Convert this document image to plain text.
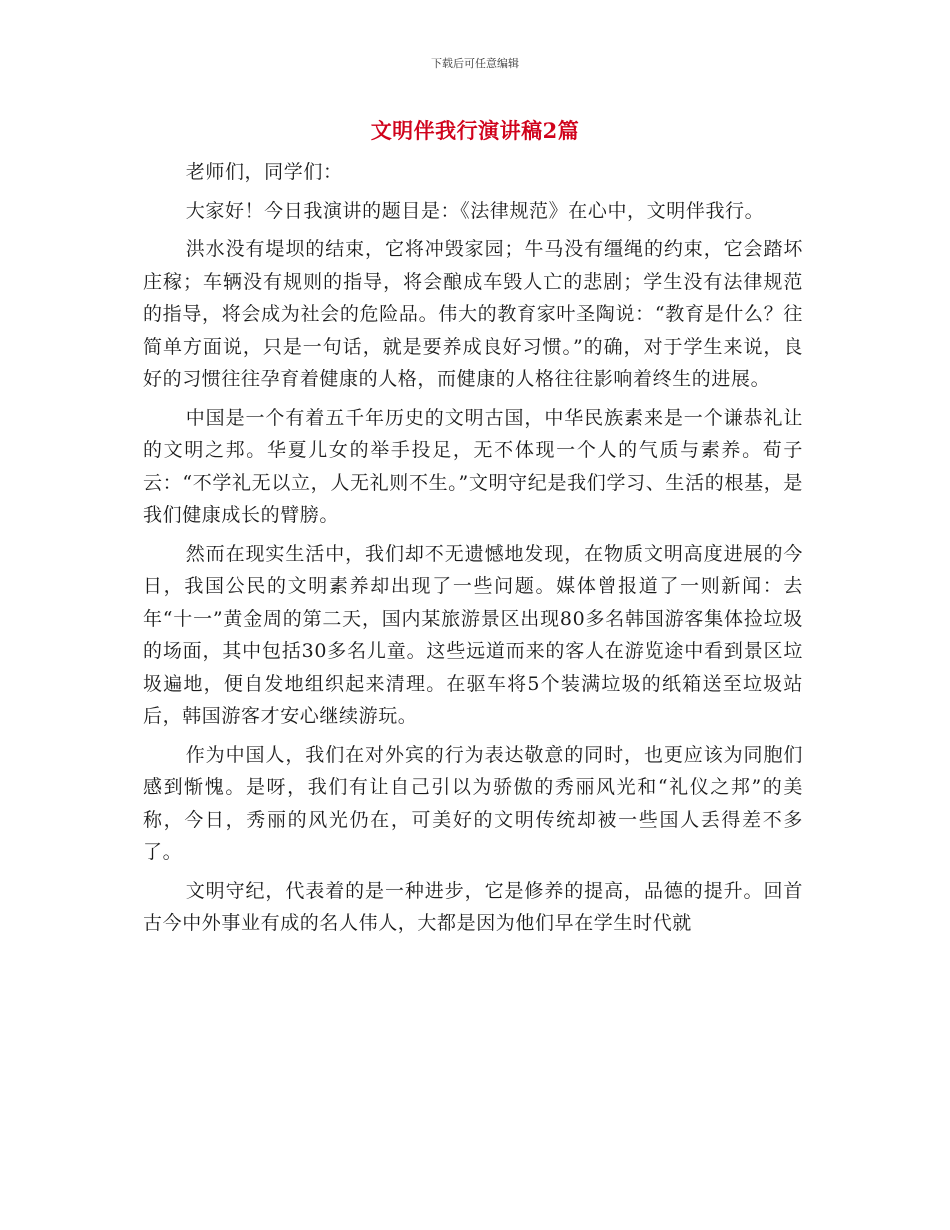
下载后可任意编辑
文明伴我行演讲稿2篇

老师们，同学们：

大家好！今日我演讲的题目是：《法律规范》在心中，文明伴我行。

洪水没有堤坝的结束，它将冲毁家园；牛马没有缰绳的约束，它会踏坏庄稼；车辆没有规则的指导，将会酿成车毁人亡的悲剧；学生没有法律规范的指导，将会成为社会的危险品。伟大的教育家叶圣陶说：“教育是什么？往简单方面说，只是一句话，就是要养成良好习惯。”的确，对于学生来说，良好的习惯往往孕育着健康的人格，而健康的人格往往影响着终生的进展。

中国是一个有着五千年历史的文明古国，中华民族素来是一个谦恭礼让的文明之邦。华夏儿女的举手投足，无不体现一个人的气质与素养。荀子云：“不学礼无以立，人无礼则不生。”文明守纪是我们学习、生活的根基，是我们健康成长的臂膀。

然而在现实生活中，我们却不无遗憾地发现，在物质文明高度进展的今日，我国公民的文明素养却出现了一些问题。媒体曾报道了一则新闻：去年“十一”黄金周的第二天，国内某旅游景区出现80多名韩国游客集体捡垃圾的场面，其中包括30多名儿童。这些远道而来的客人在游览途中看到景区垃圾遍地，便自发地组织起来清理。在驱车将5个装满垃圾的纸箱送至垃圾站后，韩国游客才安心继续游玩。

作为中国人，我们在对外宾的行为表达敬意的同时，也更应该为同胞们感到惭愧。是呀，我们有让自己引以为骄傲的秀丽风光和“礼仪之邦”的美称，今日，秀丽的风光仍在，可美好的文明传统却被一些国人丢得差不多了。

文明守纪，代表着的是一种进步，它是修养的提高，品德的提升。回首古今中外事业有成的名人伟人，大都是因为他们早在学生时代就
